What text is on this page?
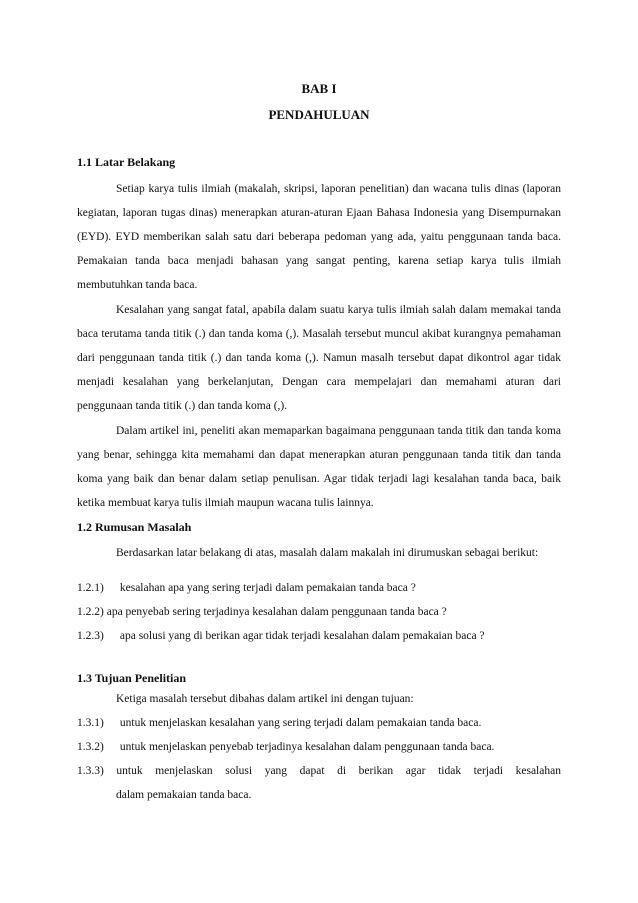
BAB I
PENDAHULUAN
1.1 Latar Belakang

Setiap karya tulis ilmiah (makalah, skripsi, laporan penelitian) dan wacana tulis dinas (laporan kegiatan, laporan tugas dinas) menerapkan aturan-aturan Ejaan Bahasa Indonesia yang Disempurnakan (EYD). EYD memberikan salah satu dari beberapa pedoman yang ada, yaitu penggunaan tanda baca. Pemakaian tanda baca menjadi bahasan yang sangat penting, karena setiap karya tulis ilmiah membutuhkan tanda baca.

Kesalahan yang sangat fatal, apabila dalam suatu karya tulis ilmiah salah dalam memakai tanda baca terutama tanda titik (.) dan tanda koma (,). Masalah tersebut muncul akibat kurangnya pemahaman dari penggunaan tanda titik (.) dan tanda koma (,). Namun masalh tersebut dapat dikontrol agar tidak menjadi kesalahan yang berkelanjutan, Dengan cara mempelajari dan memahami aturan dari penggunaan tanda titik (.) dan tanda koma (,).

Dalam artikel ini, peneliti akan memaparkan bagaimana penggunaan tanda titik dan tanda koma yang benar, sehingga kita memahami dan dapat menerapkan aturan penggunaan tanda titik dan tanda koma yang baik dan benar dalam setiap penulisan. Agar tidak terjadi lagi kesalahan tanda baca, baik ketika membuat karya tulis ilmiah maupun wacana tulis lainnya.

1.2 Rumusan Masalah

Berdasarkan latar belakang di atas, masalah dalam makalah ini dirumuskan sebagai berikut:

1.2.1) kesalahan apa yang sering terjadi dalam pemakaian tanda baca ?
1.2.2) apa penyebab sering terjadinya kesalahan dalam penggunaan tanda baca ?
1.2.3) apa solusi yang di berikan agar tidak terjadi kesalahan dalam pemakaian baca ?
1.3 Tujuan Penelitian
Ketiga masalah tersebut dibahas dalam artikel ini dengan tujuan:
1.3.1) untuk menjelaskan kesalahan yang sering terjadi dalam pemakaian tanda baca.
1.3.2) untuk menjelaskan penyebab terjadinya kesalahan dalam penggunaan tanda baca.
1.3.3) untuk menjelaskan solusi yang dapat di berikan agar tidak terjadi kesalahan
dalam pemakaian tanda baca.
